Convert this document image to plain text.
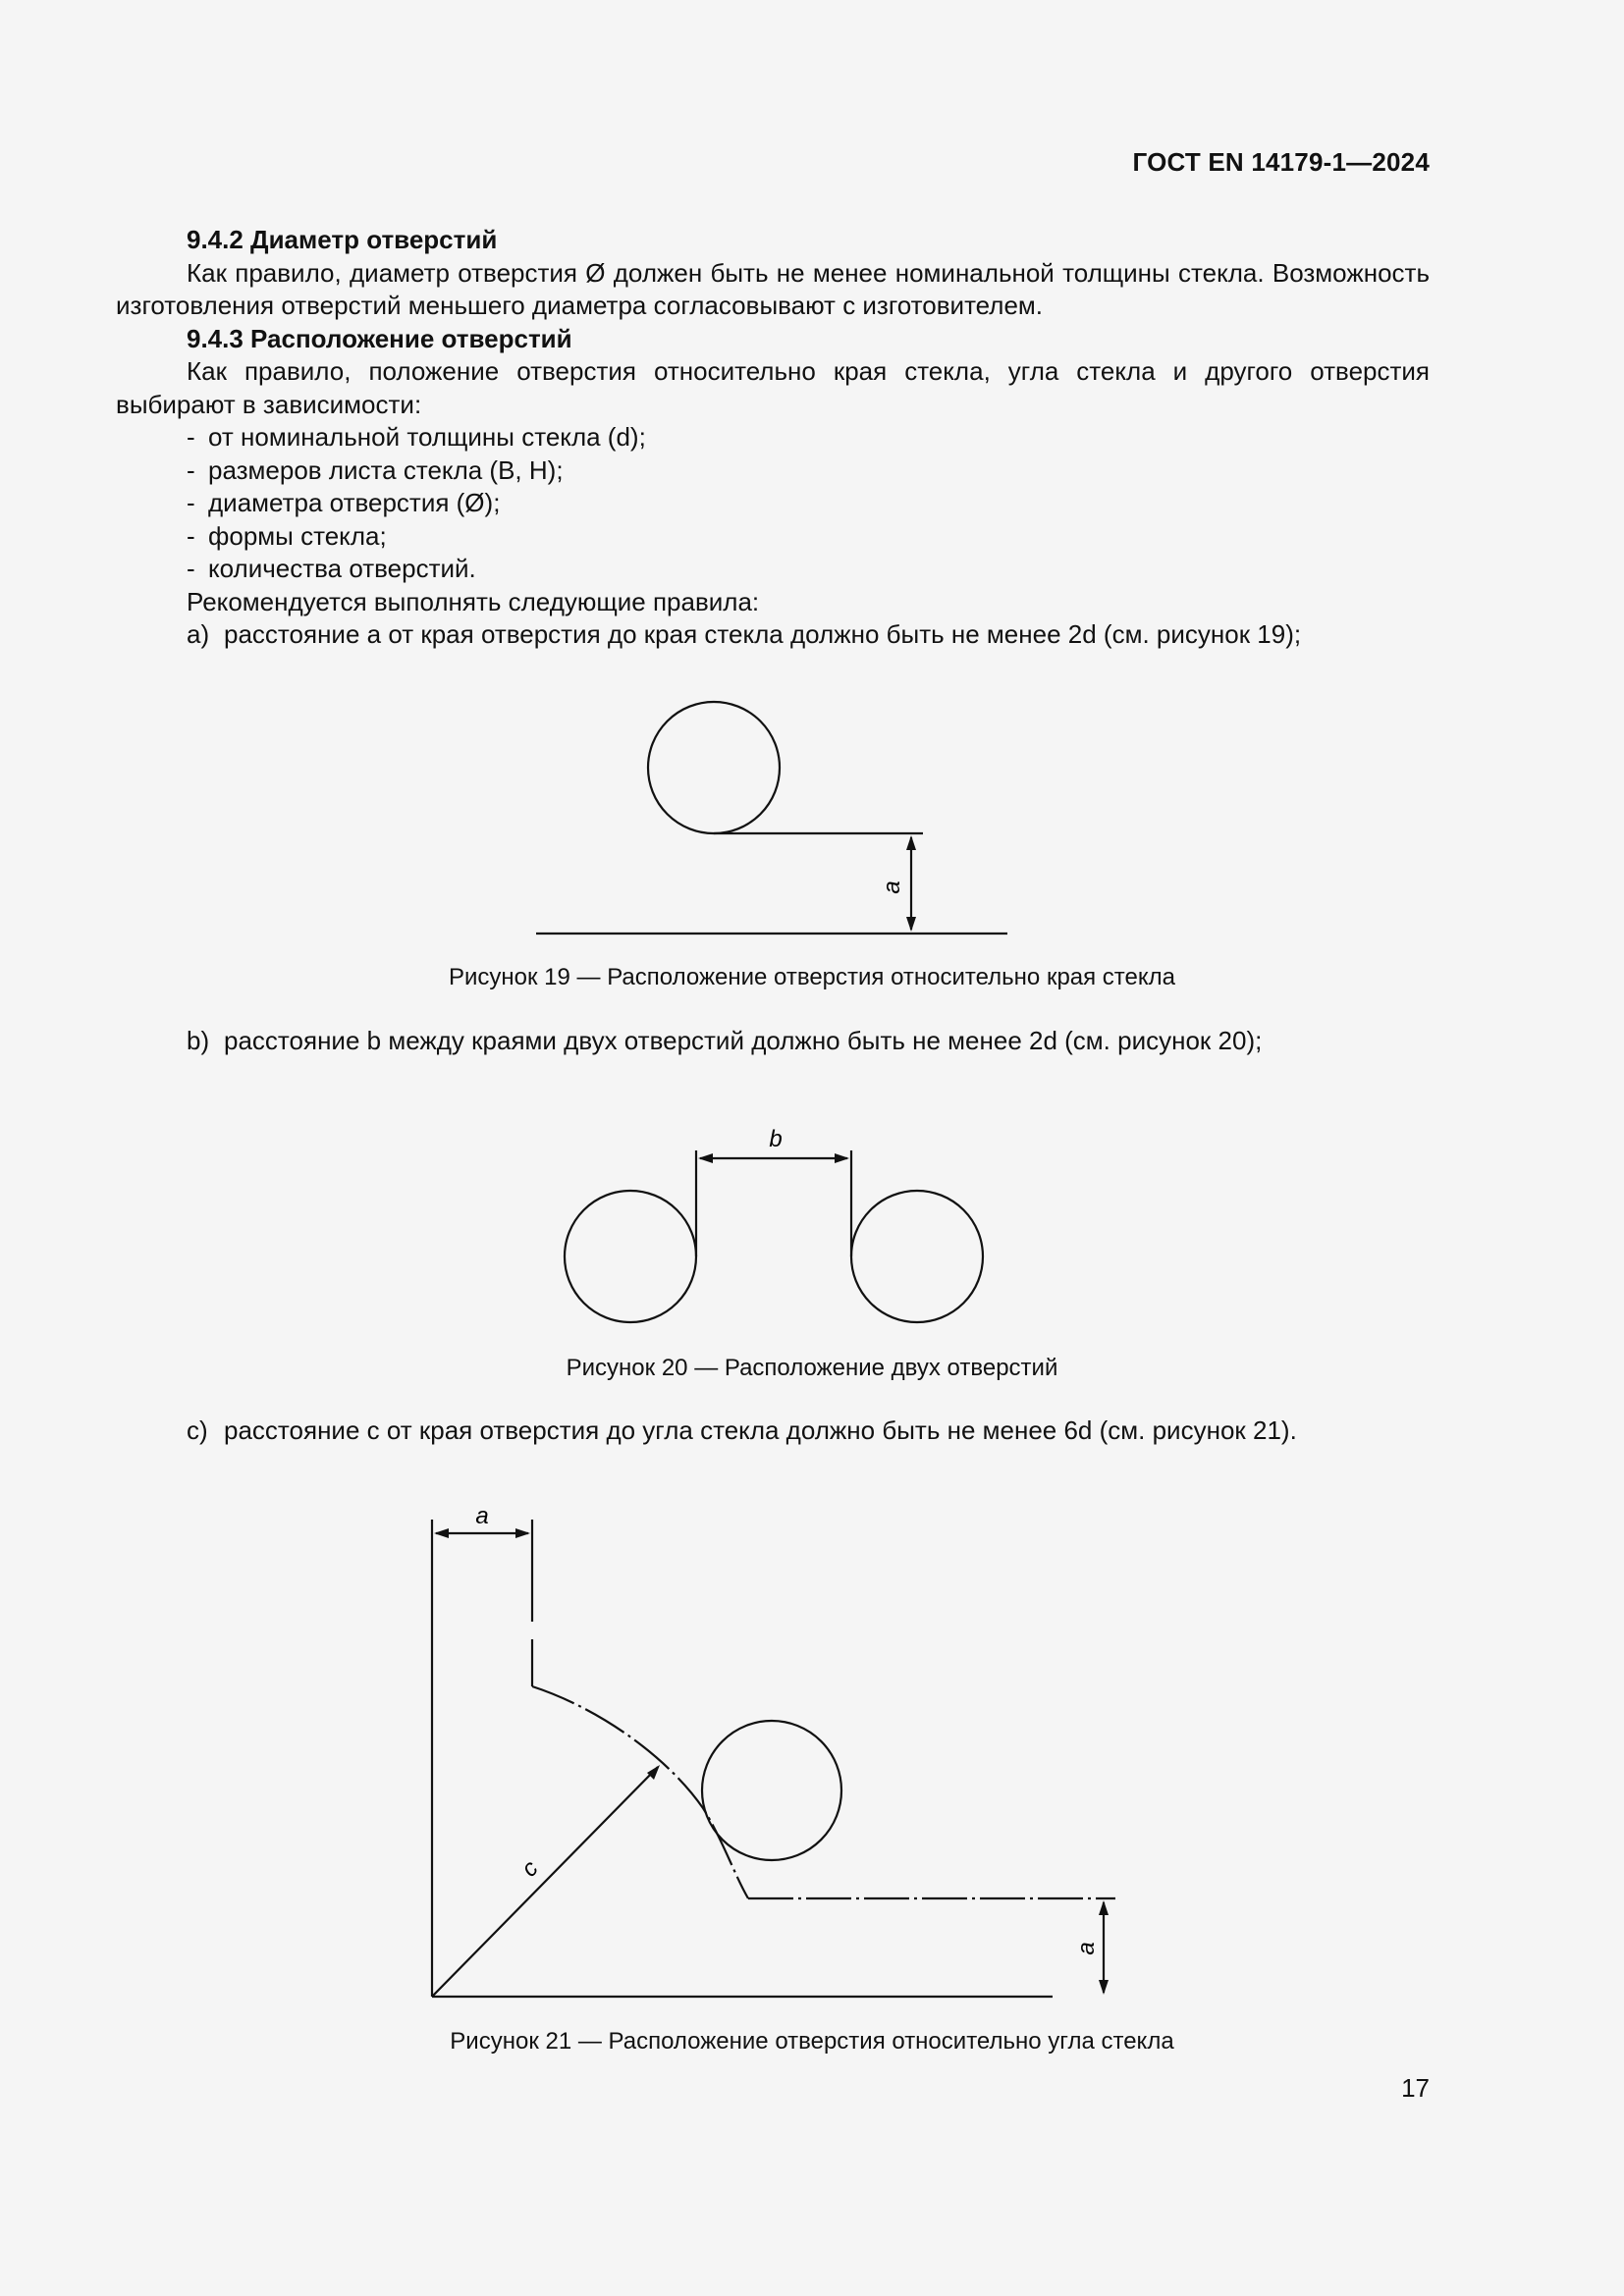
ГОСТ EN 14179-1—2024

9.4.2 Диаметр отверстий

Как правило, диаметр отверстия Ø должен быть не менее номинальной толщины стекла. Возможность изготовления отверстий меньшего диаметра согласовывают с изготовителем.

9.4.3 Расположение отверстий

Как правило, положение отверстия относительно края стекла, угла стекла и другого отверстия выбирают в зависимости:

- от номинальной толщины стекла (d);
- размеров листа стекла (B, H);
- диаметра отверстия (Ø);
- формы стекла;
- количества отверстий.

Рекомендуется выполнять следующие правила:

a) расстояние a от края отверстия до края стекла должно быть не менее 2d (см. рисунок 19);

a
Рисунок 19 — Расположение отверстия относительно края стекла

b) расстояние b между краями двух отверстий должно быть не менее 2d (см. рисунок 20);

b
Рисунок 20 — Расположение двух отверстий

c) расстояние c от края отверстия до угла стекла должно быть не менее 6d (см. рисунок 21).

a
c
a
Рисунок 21 — Расположение отверстия относительно угла стекла
17
